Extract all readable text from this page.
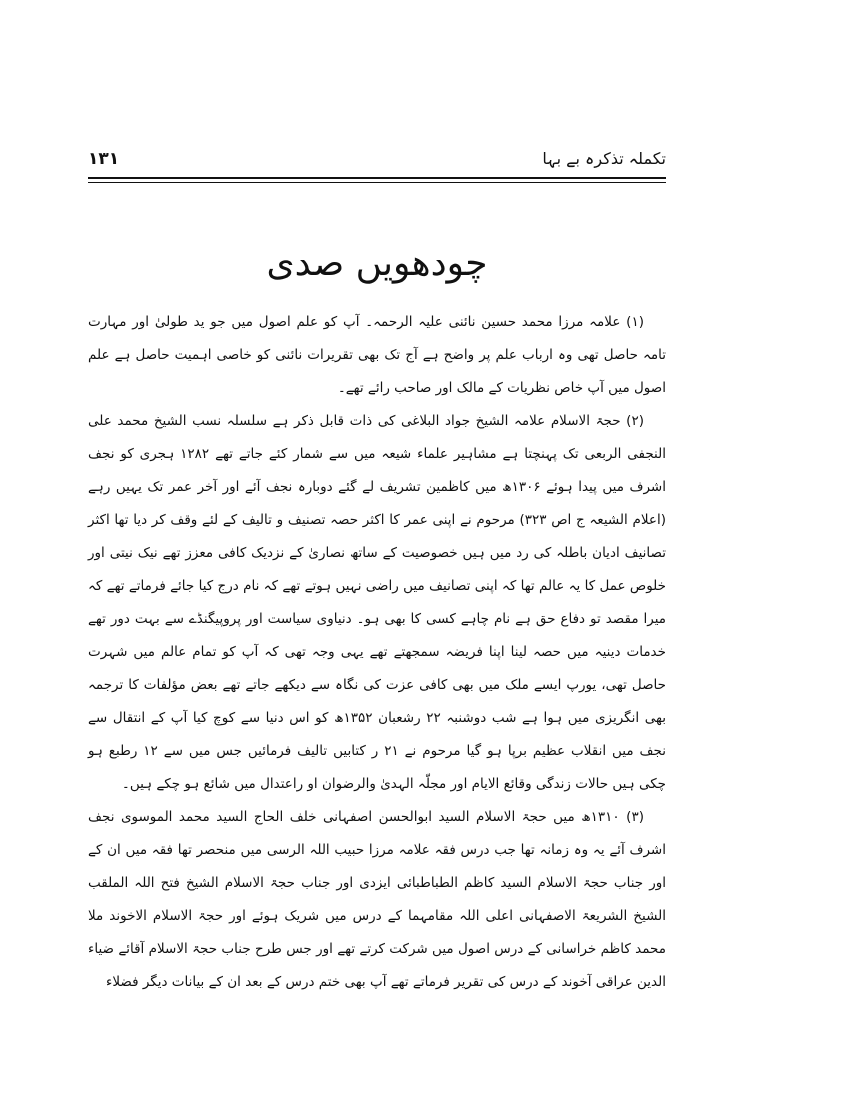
تکملہ تذکرہ بے بہا
۱۳۱
چودھویں صدی

(۱) علامہ مرزا محمد حسین نائنی علیہ الرحمہ۔ آپ کو علم اصول میں جو ید طولیٰ اور مہارت تامہ حاصل تھی وہ ارباب علم پر واضح ہے آج تک بھی تقریرات نائنی کو خاصی اہمیت حاصل ہے علم اصول میں آپ خاص نظریات کے مالک اور صاحب رائے تھے۔

(۲) حجۃ الاسلام علامہ الشیخ جواد البلاغی کی ذات قابل ذکر ہے سلسلہ نسب الشیخ محمد علی النجفی الربعی تک پہنچتا ہے مشاہیر علماء شیعہ میں سے شمار کئے جاتے تھے ۱۲۸۲ ہجری کو نجف اشرف میں پیدا ہوئے ۱۳۰۶ھ میں کاظمین تشریف لے گئے دوبارہ نجف آئے اور آخر عمر تک یہیں رہے (اعلام الشیعہ ج اص ۳۲۳) مرحوم نے اپنی عمر کا اکثر حصہ تصنیف و تالیف کے لئے وقف کر دیا تھا اکثر تصانیف ادیان باطلہ کی رد میں ہیں خصوصیت کے ساتھ نصاریٰ کے نزدیک کافی معزز تھے نیک نیتی اور خلوص عمل کا یہ عالم تھا کہ اپنی تصانیف میں راضی نہیں ہوتے تھے کہ نام درج کیا جائے فرماتے تھے کہ میرا مقصد تو دفاع حق ہے نام چاہے کسی کا بھی ہو۔ دنیاوی سیاست اور پروپیگنڈے سے بہت دور تھے خدمات دینیہ میں حصہ لینا اپنا فریضہ سمجھتے تھے یہی وجہ تھی کہ آپ کو تمام عالم میں شہرت حاصل تھی، یورپ ایسے ملک میں بھی کافی عزت کی نگاہ سے دیکھے جاتے تھے بعض مؤلفات کا ترجمہ بھی انگریزی میں ہوا ہے شب دوشنبہ ۲۲ رشعبان ۱۳۵۲ھ کو اس دنیا سے کوچ کیا آپ کے انتقال سے نجف میں انقلاب عظیم برپا ہو گیا مرحوم نے ۲۱ ر کتابیں تالیف فرمائیں جس میں سے ۱۲ رطبع ہو چکی ہیں حالات زندگی وقائع الایام اور مجلّہ الہدیٰ والرضوان او راعتدال میں شائع ہو چکے ہیں۔

(۳) ۱۳۱۰ھ میں حجۃ الاسلام السید ابوالحسن اصفہانی خلف الحاج السید محمد الموسوی نجف اشرف آئے یہ وہ زمانہ تھا جب درس فقہ علامہ مرزا حبیب اللہ الرسی میں منحصر تھا فقہ میں ان کے اور جناب حجۃ الاسلام السید کاظم الطباطبائی ایزدی اور جناب حجۃ الاسلام الشیخ فتح اللہ الملقب الشیخ الشریعۃ الاصفہانی اعلی اللہ مقامہما کے درس میں شریک ہوئے اور حجۃ الاسلام الاخوند ملا محمد کاظم خراسانی کے درس اصول میں شرکت کرتے تھے اور جس طرح جناب حجۃ الاسلام آقائے ضیاء الدین عراقی آخوند کے درس کی تقریر فرماتے تھے آپ بھی ختم درس کے بعد ان کے بیانات دیگر فضلاء
